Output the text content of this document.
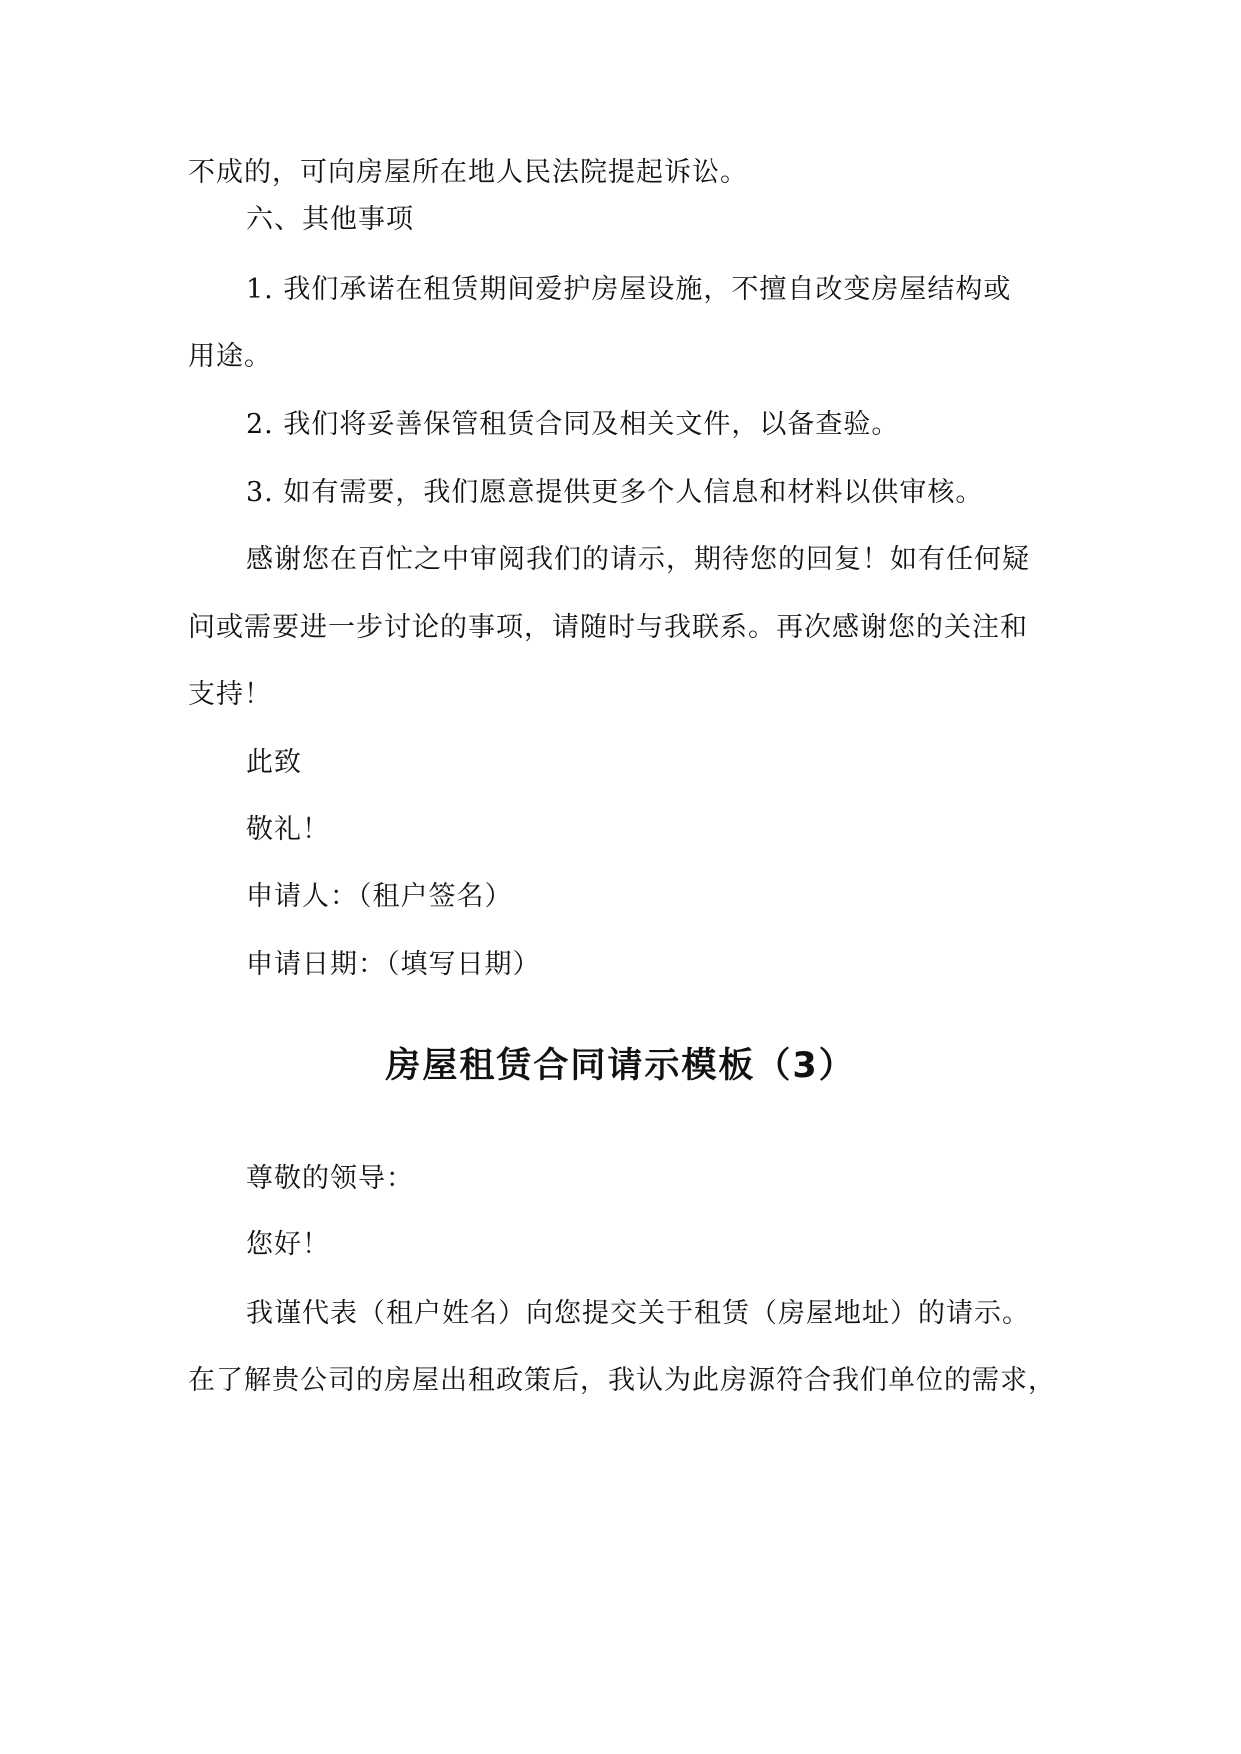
不成的，可向房屋所在地人民法院提起诉讼。
六、其他事项
1. 我们承诺在租赁期间爱护房屋设施，不擅自改变房屋结构或
用途。
2. 我们将妥善保管租赁合同及相关文件，以备查验。
3. 如有需要，我们愿意提供更多个人信息和材料以供审核。
感谢您在百忙之中审阅我们的请示，期待您的回复！如有任何疑
问或需要进一步讨论的事项，请随时与我联系。再次感谢您的关注和
支持！
此致
敬礼！
申请人：（租户签名）
申请日期：（填写日期）
房屋租赁合同请示模板（3）
尊敬的领导：
您好！
我谨代表（租户姓名）向您提交关于租赁（房屋地址）的请示。
在了解贵公司的房屋出租政策后，我认为此房源符合我们单位的需求，
